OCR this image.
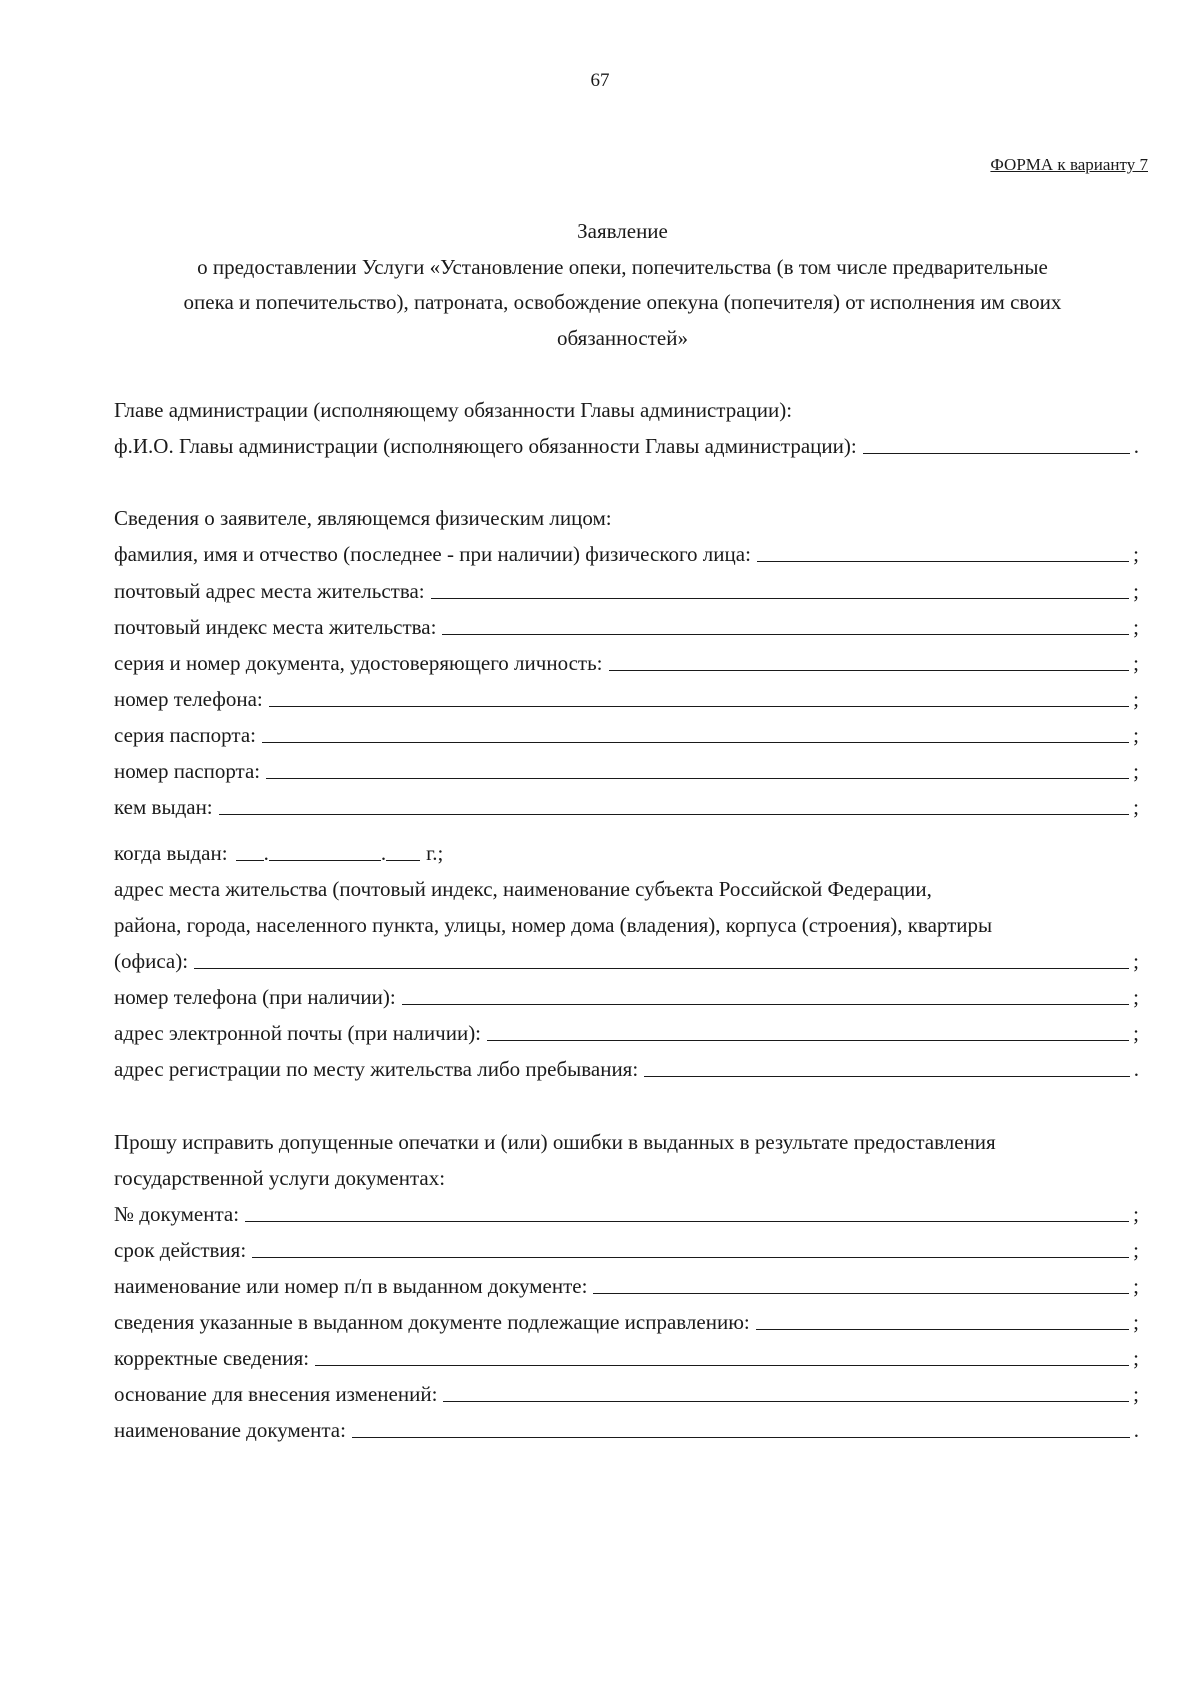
67
ФОРМА к варианту 7
Заявление
о предоставлении Услуги «Установление опеки, попечительства (в том числе предварительные
опека и попечительство), патроната, освобождение опекуна (попечителя) от исполнения им своих
обязанностей»
Главе администрации (исполняющему обязанности Главы администрации):
ф.И.О. Главы администрации (исполняющего обязанности Главы администрации):	.
Сведения о заявителе, являющемся физическим лицом:
фамилия, имя и отчество (последнее - при наличии) физического лица:	;
почтовый адрес места жительства:	;
почтовый индекс места жительства:	;
серия и номер документа, удостоверяющего личность:	;
номер телефона:	;
серия паспорта:	;
номер паспорта:	;
кем выдан:	;
когда выдан: .	. г.;
адрес места жительства (почтовый индекс, наименование субъекта Российской Федерации,
района, города, населенного пункта, улицы, номер дома (владения), корпуса (строения), квартиры
(офиса):	;
номер телефона (при наличии):	;
адрес электронной почты (при наличии):	;
адрес регистрации по месту жительства либо пребывания:	.
Прошу исправить допущенные опечатки и (или) ошибки в выданных в результате предоставления
государственной услуги документах:
№ документа:	;
срок действия:	;
наименование или номер п/п в выданном документе:	;
сведения указанные в выданном документе подлежащие исправлению:	;
корректные сведения:	;
основание для внесения изменений:	;
наименование документа:	.
